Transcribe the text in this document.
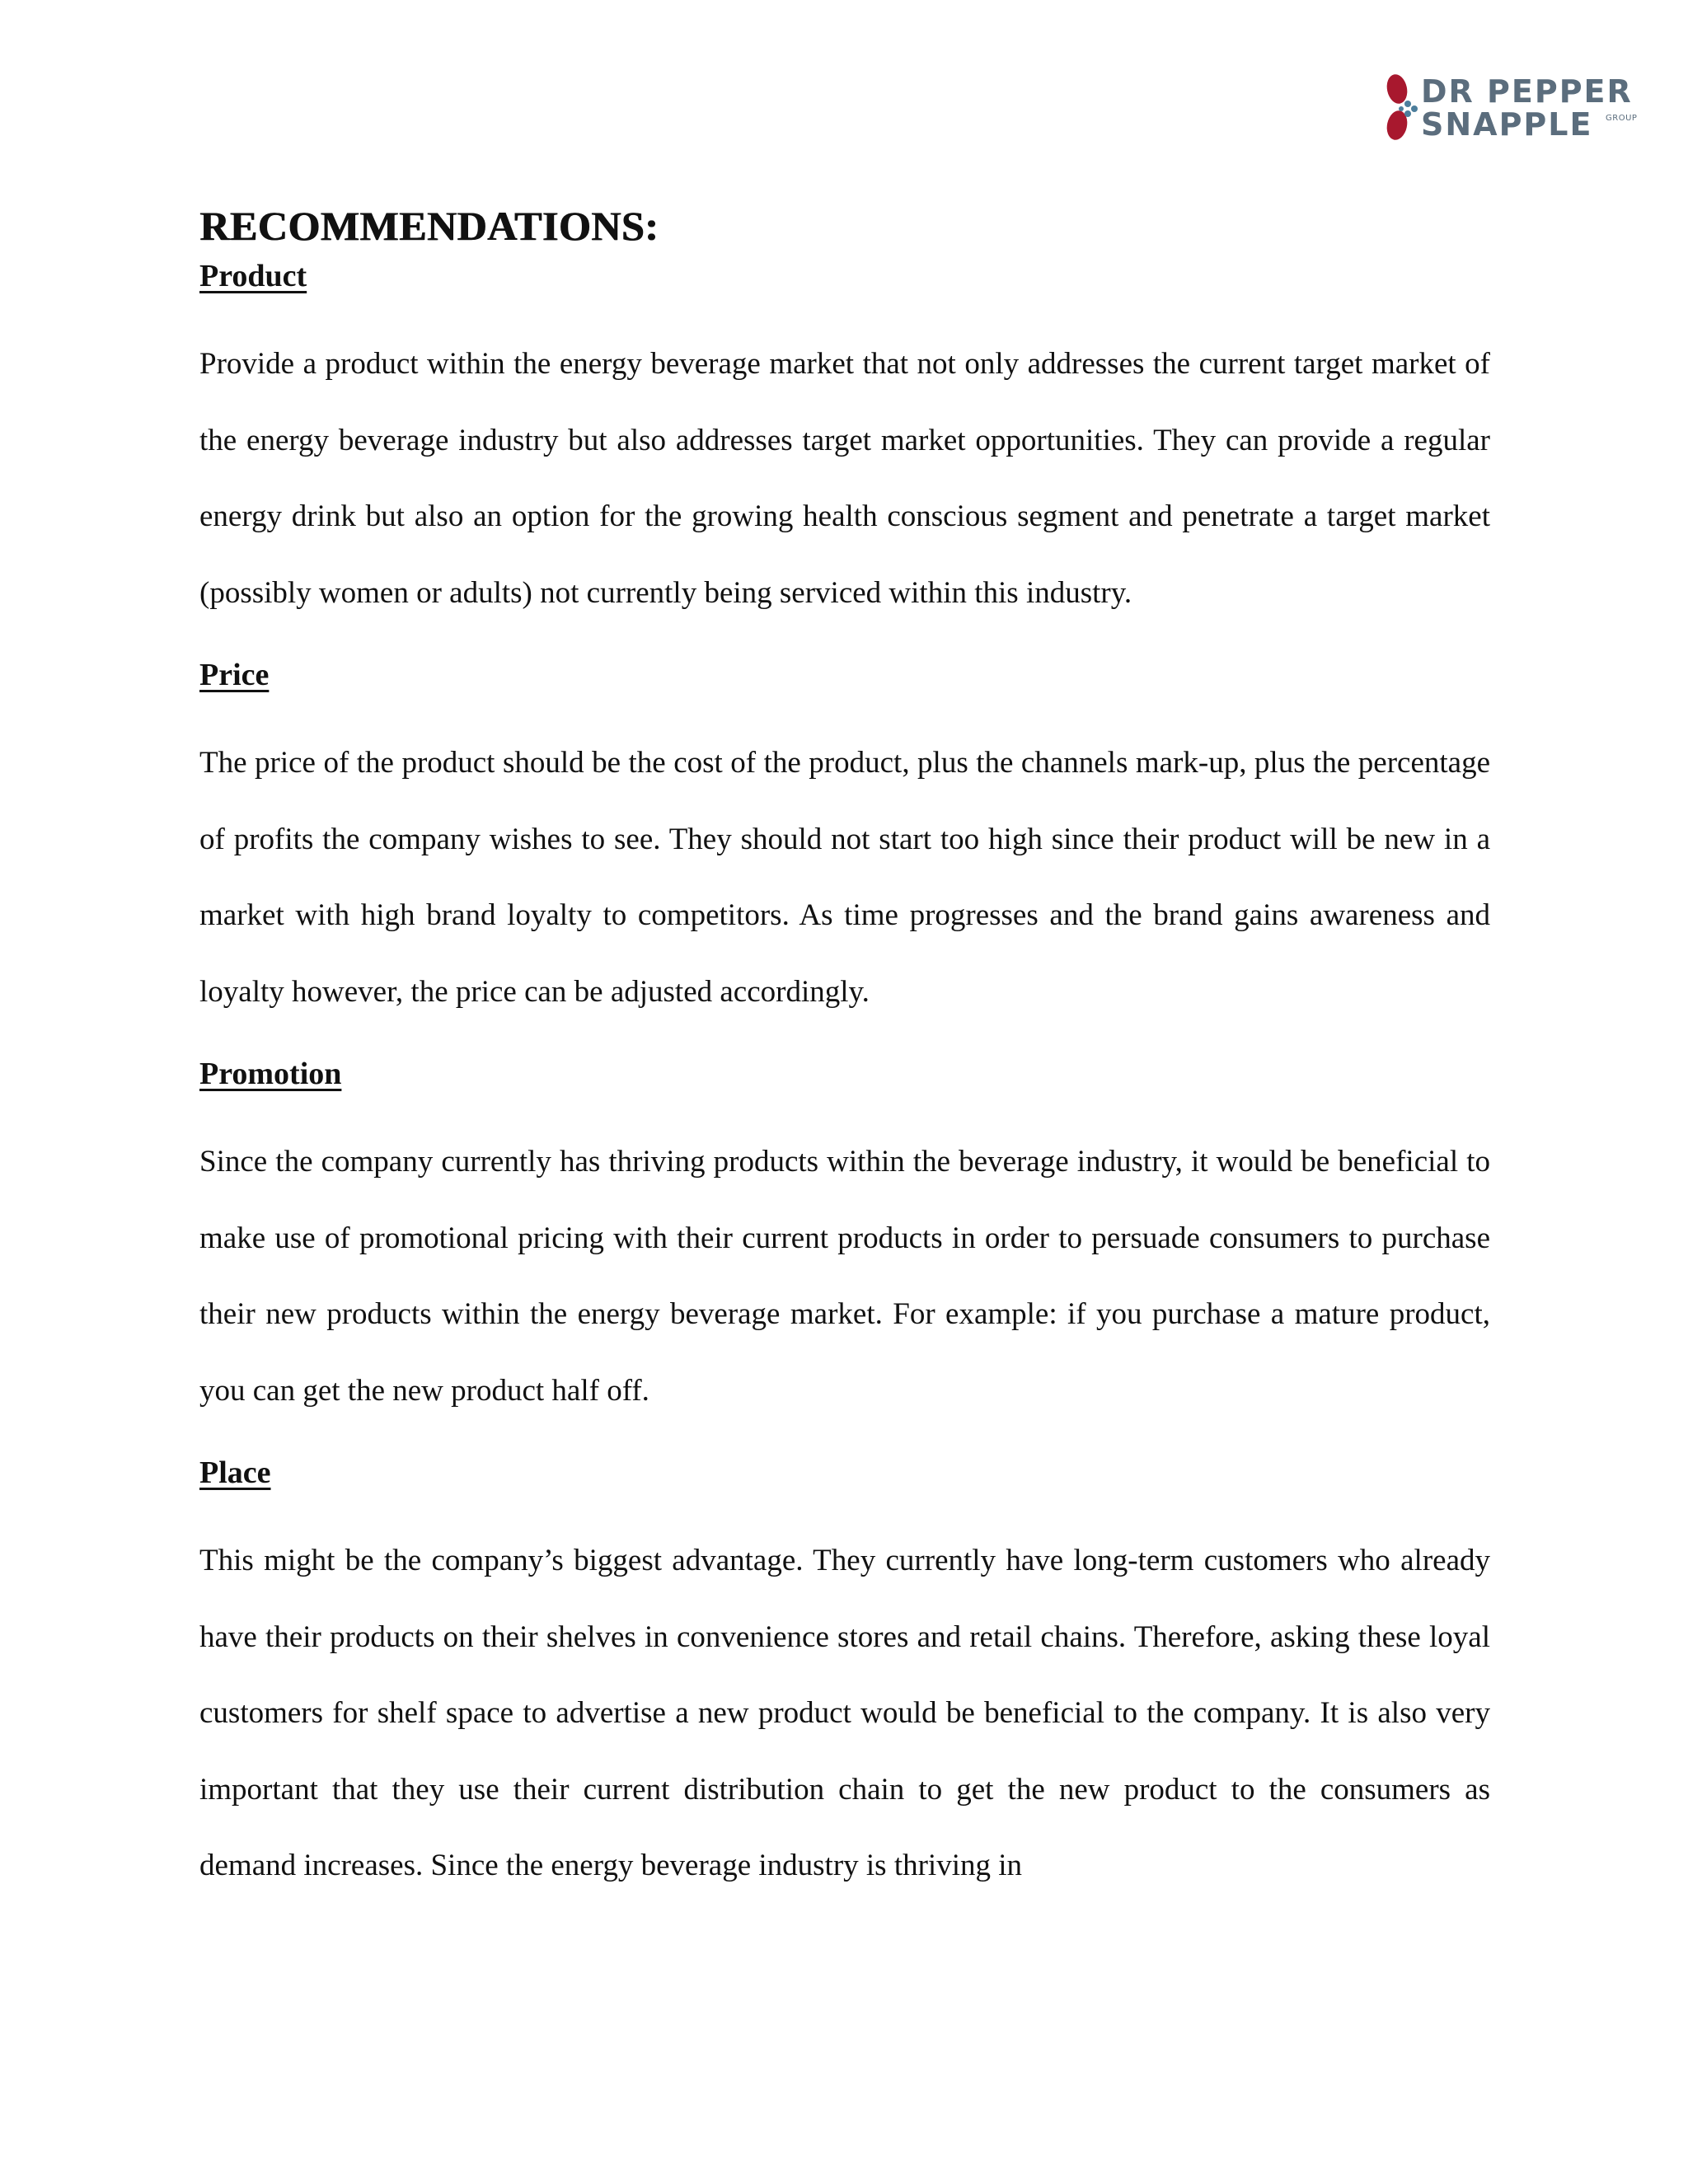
DR PEPPER
SNAPPLE GROUP
RECOMMENDATIONS:
Product

Provide a product within the energy beverage market that not only addresses the current target market of the energy beverage industry but also addresses target market opportunities. They can provide a regular energy drink but also an option for the growing health conscious segment and penetrate a target market (possibly women or adults) not currently being serviced within this industry.

Price

The price of the product should be the cost of the product, plus the channels mark-up, plus the percentage of profits the company wishes to see. They should not start too high since their product will be new in a market with high brand loyalty to competitors. As time progresses and the brand gains awareness and loyalty however, the price can be adjusted accordingly.

Promotion

Since the company currently has thriving products within the beverage industry, it would be beneficial to make use of promotional pricing with their current products in order to persuade consumers to purchase their new products within the energy beverage market. For example: if you purchase a mature product, you can get the new product half off.

Place

This might be the company’s biggest advantage. They currently have long-term customers who already have their products on their shelves in convenience stores and retail chains. Therefore, asking these loyal customers for shelf space to advertise a new product would be beneficial to the company. It is also very important that they use their current distribution chain to get the new product to the consumers as demand increases. Since the energy beverage industry is thriving in
